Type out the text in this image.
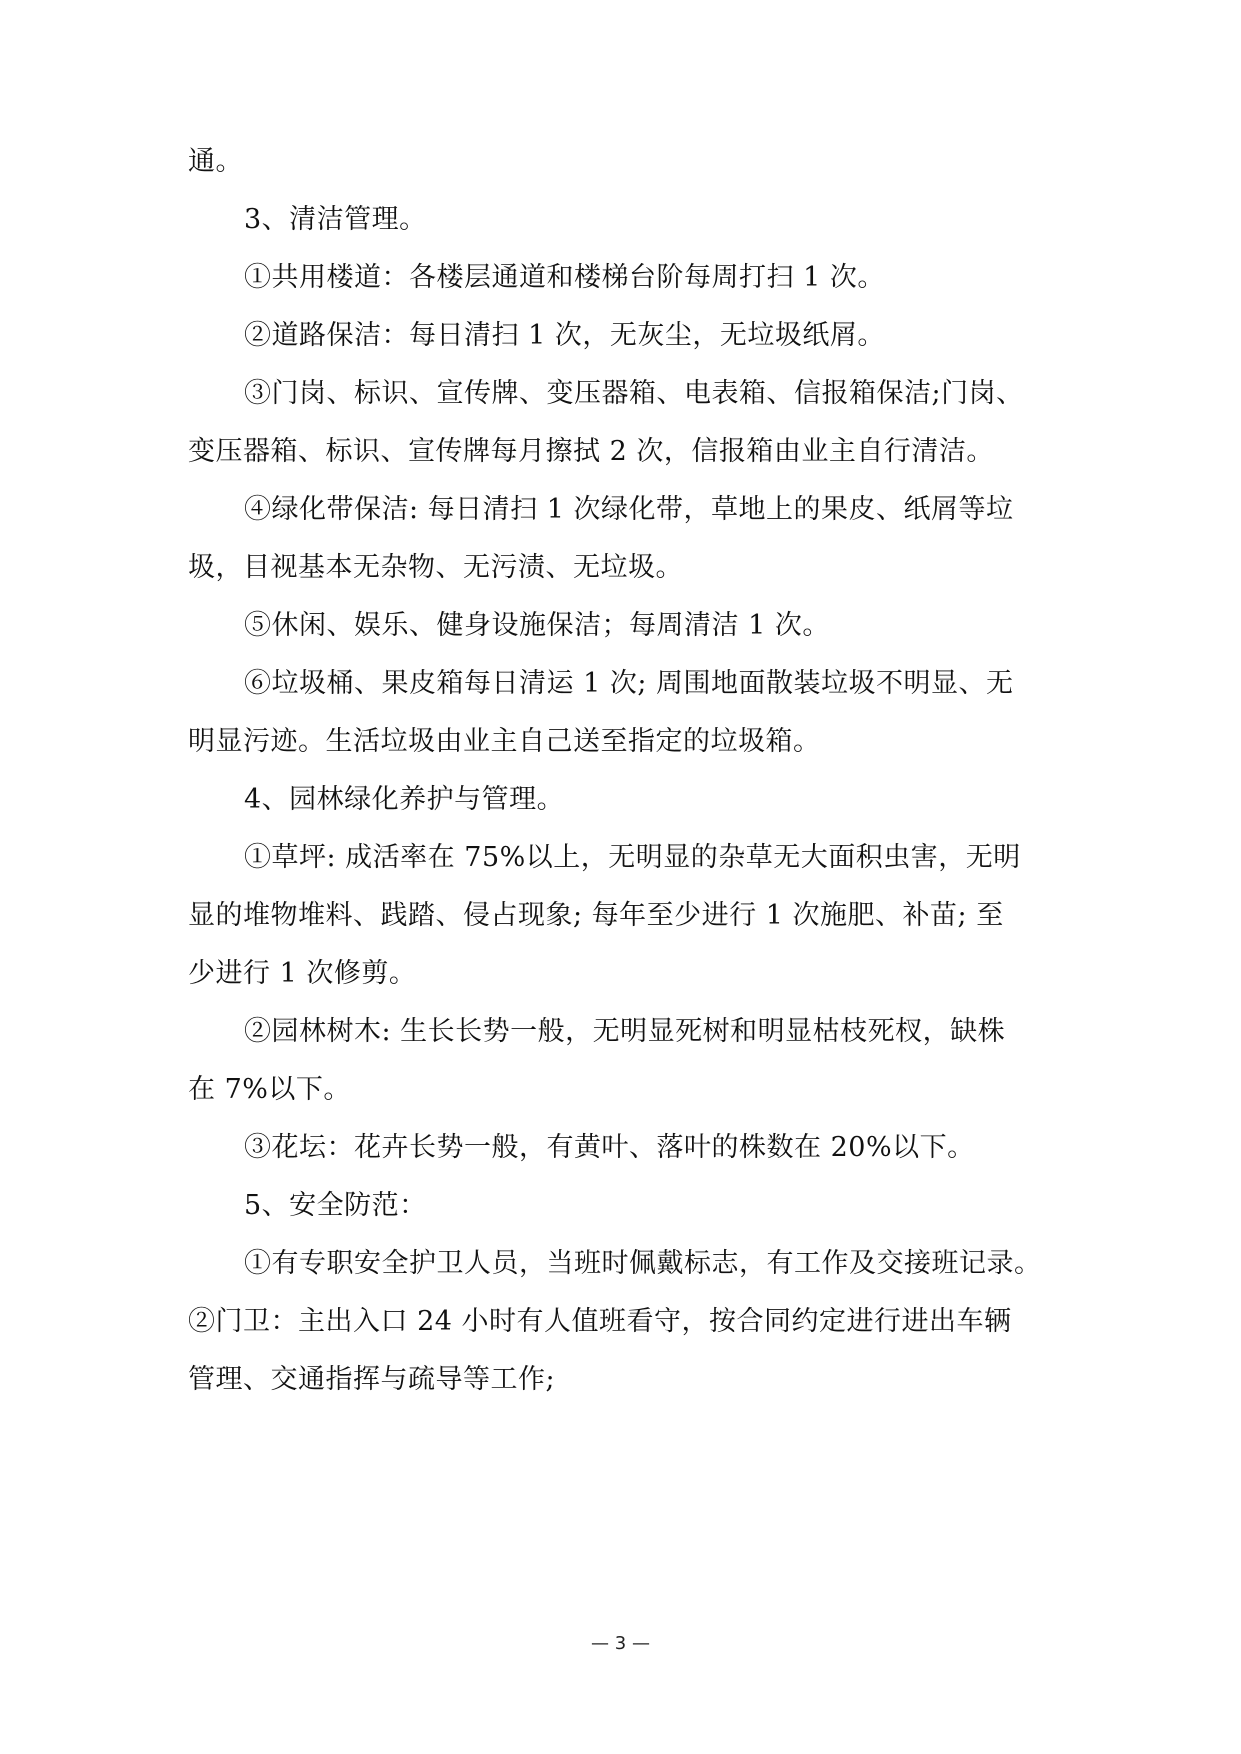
通。
3、清洁管理。
①共用楼道：各楼层通道和楼梯台阶每周打扫 1 次。
②道路保洁：每日清扫 1 次，无灰尘，无垃圾纸屑。
③门岗、标识、宣传牌、变压器箱、电表箱、信报箱保洁;门岗、
变压器箱、标识、宣传牌每月擦拭 2 次，信报箱由业主自行清洁。
④绿化带保洁: 每日清扫 1 次绿化带，草地上的果皮、纸屑等垃
圾，目视基本无杂物、无污渍、无垃圾。
⑤休闲、娱乐、健身设施保洁；每周清洁 1 次。
⑥垃圾桶、果皮箱每日清运 1 次; 周围地面散装垃圾不明显、无
明显污迹。生活垃圾由业主自己送至指定的垃圾箱。
4、园林绿化养护与管理。
①草坪: 成活率在 75%以上，无明显的杂草无大面积虫害，无明
显的堆物堆料、践踏、侵占现象; 每年至少进行 1 次施肥、补苗; 至
少进行 1 次修剪。
②园林树木: 生长长势一般，无明显死树和明显枯枝死杈，缺株
在 7%以下。
③花坛：花卉长势一般，有黄叶、落叶的株数在 20%以下。
5、安全防范：
①有专职安全护卫人员，当班时佩戴标志，有工作及交接班记录。
②门卫：主出入口 24 小时有人值班看守，按合同约定进行进出车辆
管理、交通指挥与疏导等工作;
— 3 —
